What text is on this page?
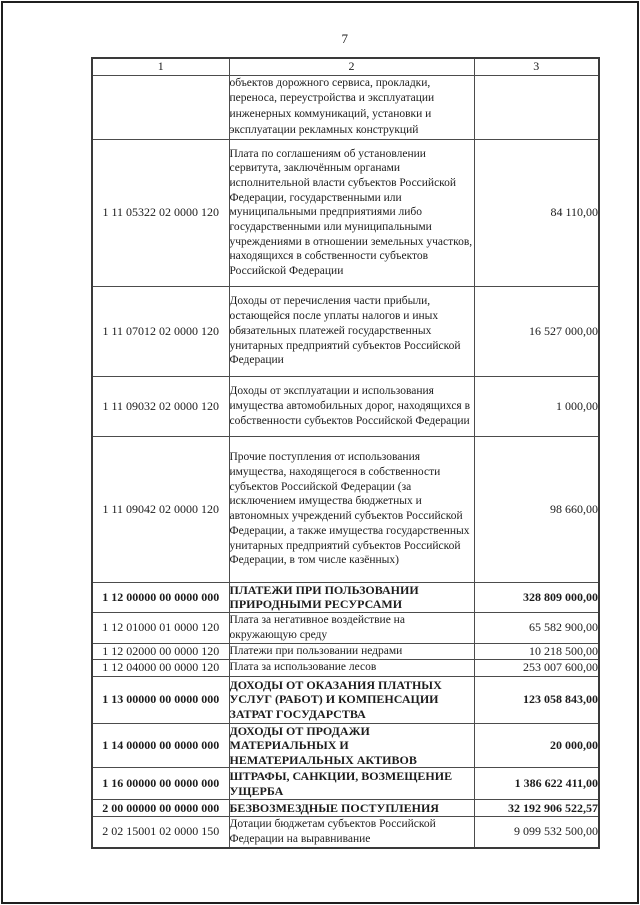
7
1	2	3
	объектов дорожного сервиса, прокладки, переноса, переустройства и эксплуатации инженерных коммуникаций, установки и эксплуатации рекламных конструкций	
1 11 05322 02 0000 120	Плата по соглашениям об установлении сервитута, заключённым органами исполнительной власти субъектов Российской Федерации, государственными или муниципальными предприятиями либо государственными или муниципальными учреждениями в отношении земельных участков, находящихся в собственности субъектов Российской Федерации	84 110,00
1 11 07012 02 0000 120	Доходы от перечисления части прибыли, остающейся после уплаты налогов и иных обязательных платежей государственных унитарных предприятий субъектов Российской Федерации	16 527 000,00
1 11 09032 02 0000 120	Доходы от эксплуатации и использования имущества автомобильных дорог, находящихся в собственности субъектов Российской Федерации	1 000,00
1 11 09042 02 0000 120	Прочие поступления от использования имущества, находящегося в собственности субъектов Российской Федерации (за исключением имущества бюджетных и автономных учреждений субъектов Российской Федерации, а также имущества государственных унитарных предприятий субъектов Российской Федерации, в том числе казённых)	98 660,00
1 12 00000 00 0000 000	ПЛАТЕЖИ ПРИ ПОЛЬЗОВАНИИ ПРИРОДНЫМИ РЕСУРСАМИ	328 809 000,00
1 12 01000 01 0000 120	Плата за негативное воздействие на окружающую среду	65 582 900,00
1 12 02000 00 0000 120	Платежи при пользовании недрами	10 218 500,00
1 12 04000 00 0000 120	Плата за использование лесов	253 007 600,00
1 13 00000 00 0000 000	ДОХОДЫ ОТ ОКАЗАНИЯ ПЛАТНЫХ УСЛУГ (РАБОТ) И КОМПЕНСАЦИИ ЗАТРАТ ГОСУДАРСТВА	123 058 843,00
1 14 00000 00 0000 000	ДОХОДЫ ОТ ПРОДАЖИ МАТЕРИАЛЬНЫХ И НЕМАТЕРИАЛЬНЫХ АКТИВОВ	20 000,00
1 16 00000 00 0000 000	ШТРАФЫ, САНКЦИИ, ВОЗМЕЩЕНИЕ УЩЕРБА	1 386 622 411,00
2 00 00000 00 0000 000	БЕЗВОЗМЕЗДНЫЕ ПОСТУПЛЕНИЯ	32 192 906 522,57
2 02 15001 02 0000 150	Дотации бюджетам субъектов Российской Федерации на выравнивание	9 099 532 500,00
